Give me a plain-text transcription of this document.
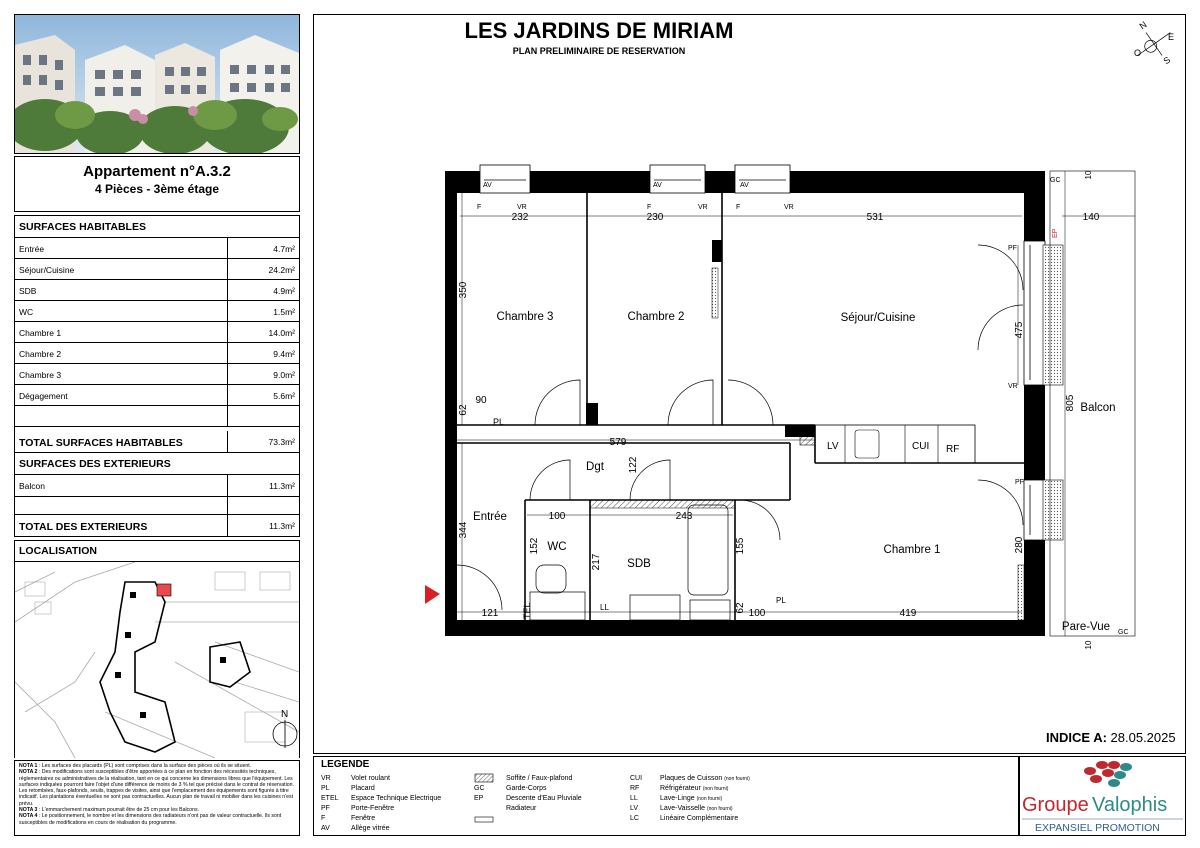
Appartement n°A.3.2
4 Pièces - 3ème étage
SURFACES HABITABLES
Entrée	4.7m²
Séjour/Cuisine	24.2m²
SDB	4.9m²
WC	1.5m²
Chambre 1	14.0m²
Chambre 2	9.4m²
Chambre 3	9.0m²
Dégagement	5.6m²
TOTAL SURFACES HABITABLES	73.3m²
SURFACES DES EXTERIEURS
Balcon	11.3m²
TOTAL DES EXTERIEURS	11.3m²
LOCALISATION
N
NOTA 1 : Les surfaces des placards (PL) sont comprises dans la surface des pièces où ils se situent.
NOTA 2 : Des modifications sont susceptibles d'être apportées à ce plan en fonction des nécessités techniques, réglementaires ou administratives de la réalisation, tant en ce qui concerne les dimensions libres que l'équipement. Les surfaces indiquées pourront faire l'objet d'une différence de moins de 3 % tel que précisé dans le contrat de réservation. Les retombées, faux-plafonds, seuils, trappes de visites, ainsi que l'emplacement des équipements sont figurés à titre indicatif. Les plantations éventuelles ne sont pas contractuelles. Aucun plan de travail ni mobilier dans les cuisines n'est prévu.
NOTA 3 : L'emmarchement maximum pourrait être de 25 cm pour les Balcons.
NOTA 4 : Le positionnement, le nombre et les dimensions des radiateurs n'ont pas de valeur contractuelle. Ils sont susceptibles de modifications en cours de réalisation du programme.
LES JARDINS DE MIRIAM
PLAN PRELIMINAIRE DE RESERVATION
N
E
S
O
Chambre 3	Chambre 2	Séjour/Cuisine
Chambre 1
Dgt
Entrée
WC
SDB
Balcon
Pare-Vue
232	230	531	140
579
100	243
121	100	419
90
350
62
344
122
152
217
155
62
475
805
280
10
10
AV
F	VR
AV
F	VR
AV
F	VR
PF
VR
PF
GC
GC
PL
LL
PL
EP
ETEL
LV	CUI RF
INDICE A: 28.05.2025
LEGENDE
VR	Volet roulant
PL	Placard
ETEL Espace Technique Electrique
PF	Porte-Fenêtre
F	Fenêtre
AV	Allège vitrée
Soffite / Faux-plafond
GC	Garde-Corps
EP	Descente d'Eau Pluviale
Radiateur
CUI	Plaques de Cuisson (non fourni)
RF	Réfrigérateur (non fourni)
LL	Lave-Linge (non fourni)
LV	Lave-Vaisselle (non fourni)
LC	Linéaire Complémentaire
Groupe Valophis
EXPANSIEL PROMOTION
